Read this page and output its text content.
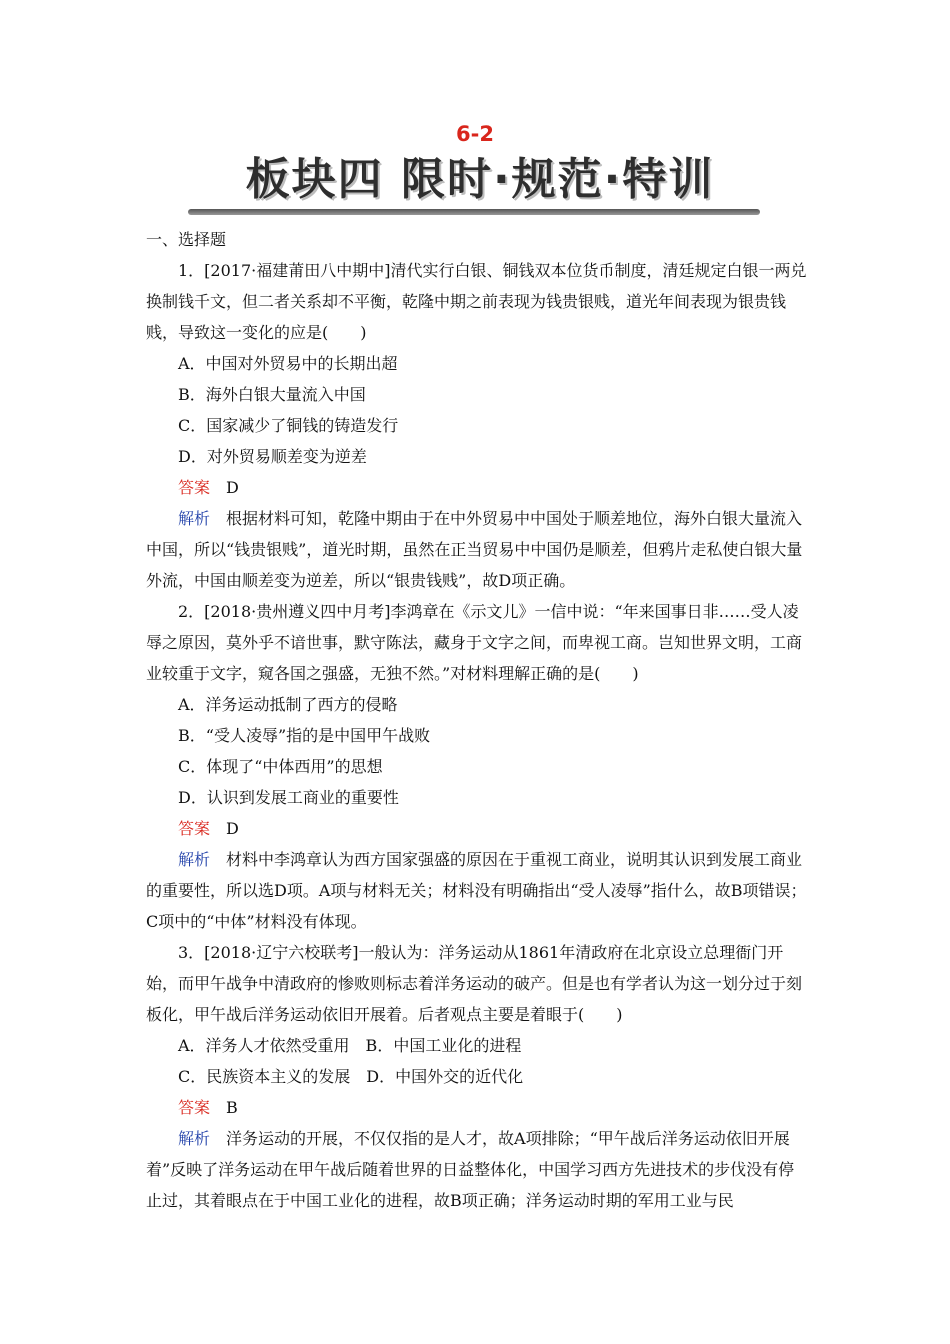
6-2
板块四 限时·规范·特训

一、选择题

1．[2017·福建莆田八中期中]清代实行白银、铜钱双本位货币制度，清廷规定白银一两兑换制钱千文，但二者关系却不平衡，乾隆中期之前表现为钱贵银贱，道光年间表现为银贵钱贱，导致这一变化的应是(　　)

A．中国对外贸易中的长期出超

B．海外白银大量流入中国

C．国家减少了铜钱的铸造发行

D．对外贸易顺差变为逆差

答案　 D

解析　 根据材料可知，乾隆中期由于在中外贸易中中国处于顺差地位，海外白银大量流入中国，所以“钱贵银贱”，道光时期，虽然在正当贸易中中国仍是顺差，但鸦片走私使白银大量外流，中国由顺差变为逆差，所以“银贵钱贱”，故D项正确。

2．[2018·贵州遵义四中月考]李鸿章在《示文儿》一信中说：“年来国事日非……受人凌辱之原因，莫外乎不谙世事，默守陈法，藏身于文字之间，而卑视工商。岂知世界文明，工商业较重于文字，窥各国之强盛，无独不然。”对材料理解正确的是(　　)

A．洋务运动抵制了西方的侵略

B．“受人凌辱”指的是中国甲午战败

C．体现了“中体西用”的思想

D．认识到发展工商业的重要性

答案　 D

解析　 材料中李鸿章认为西方国家强盛的原因在于重视工商业，说明其认识到发展工商业的重要性，所以选D项。A项与材料无关；材料没有明确指出“受人凌辱”指什么，故B项错误；C项中的“中体”材料没有体现。

3．[2018·辽宁六校联考]一般认为：洋务运动从1861年清政府在北京设立总理衙门开始，而甲午战争中清政府的惨败则标志着洋务运动的破产。但是也有学者认为这一划分过于刻板化，甲午战后洋务运动依旧开展着。后者观点主要是着眼于(　　)

A．洋务人才依然受重用　B．中国工业化的进程

C．民族资本主义的发展　D．中国外交的近代化

答案　 B

解析　 洋务运动的开展，不仅仅指的是人才，故A项排除；“甲午战后洋务运动依旧开展着”反映了洋务运动在甲午战后随着世界的日益整体化，中国学习西方先进技术的步伐没有停止过，其着眼点在于中国工业化的进程，故B项正确；洋务运动时期的军用工业与民
